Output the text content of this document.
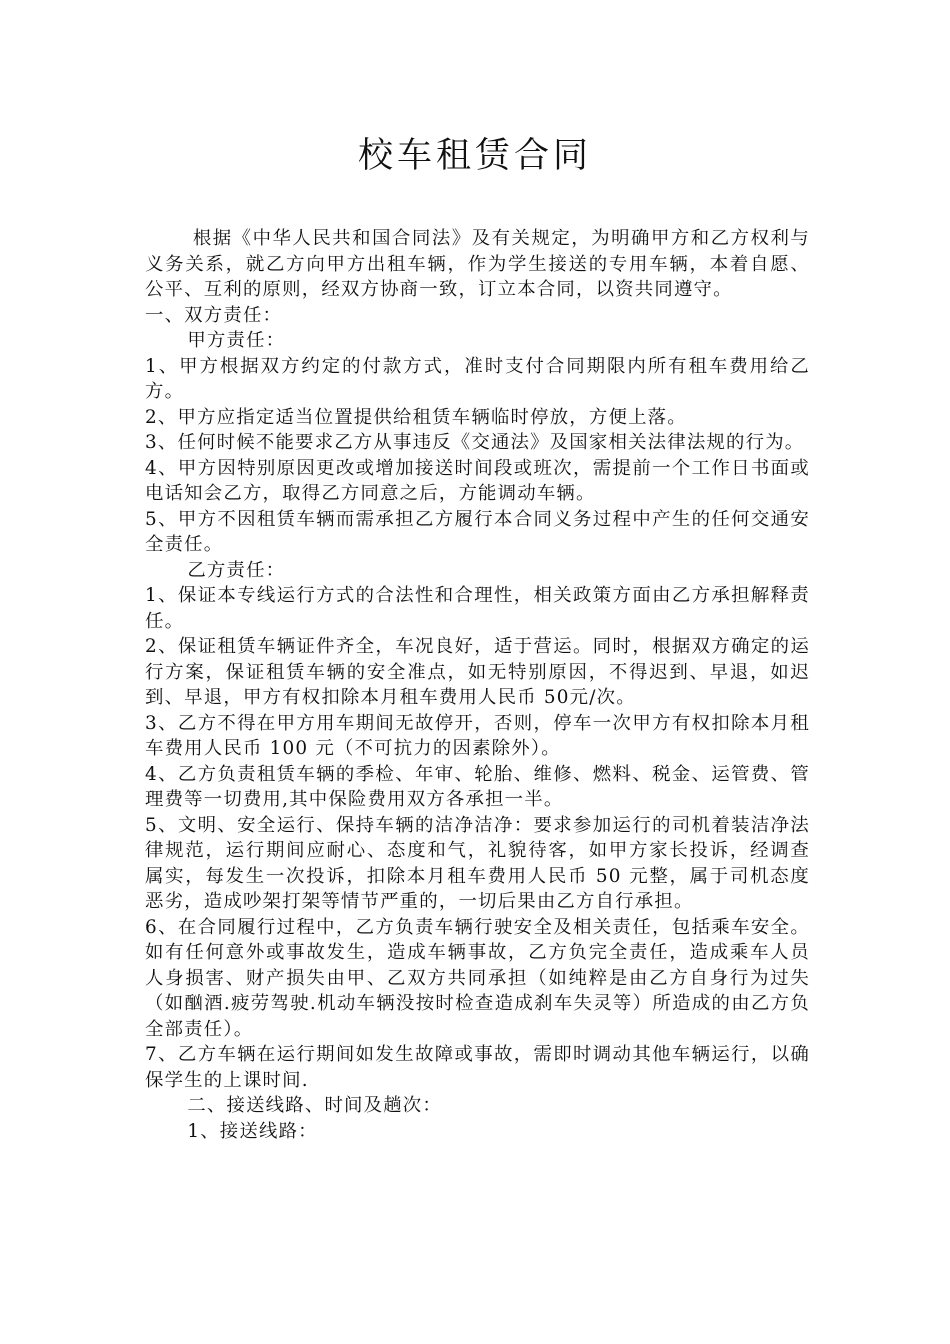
校车租赁合同

根据《中华人民共和国合同法》及有关规定，为明确甲方和乙方权利与义务关系，就乙方向甲方出租车辆，作为学生接送的专用车辆，本着自愿、公平、互利的原则，经双方协商一致，订立本合同，以资共同遵守。

一、双方责任：

甲方责任：

1、甲方根据双方约定的付款方式，准时支付合同期限内所有租车费用给乙方。

2、甲方应指定适当位置提供给租赁车辆临时停放，方便上落。

3、任何时候不能要求乙方从事违反《交通法》及国家相关法律法规的行为。

4、甲方因特别原因更改或增加接送时间段或班次，需提前一个工作日书面或电话知会乙方，取得乙方同意之后，方能调动车辆。

5、甲方不因租赁车辆而需承担乙方履行本合同义务过程中产生的任何交通安全责任。

乙方责任：

1、保证本专线运行方式的合法性和合理性，相关政策方面由乙方承担解释责任。

2、保证租赁车辆证件齐全，车况良好，适于营运。同时，根据双方确定的运行方案，保证租赁车辆的安全准点，如无特别原因，不得迟到、早退，如迟到、早退，甲方有权扣除本月租车费用人民币 50元/次。

3、乙方不得在甲方用车期间无故停开，否则，停车一次甲方有权扣除本月租车费用人民币 100 元（不可抗力的因素除外）。

4、乙方负责租赁车辆的季检、年审、轮胎、维修、燃料、税金、运管费、管理费等一切费用,其中保险费用双方各承担一半。

5、文明、安全运行、保持车辆的洁净洁净：要求参加运行的司机着装洁净法律规范，运行期间应耐心、态度和气，礼貌待客，如甲方家长投诉，经调查属实，每发生一次投诉，扣除本月租车费用人民币 50 元整，属于司机态度恶劣，造成吵架打架等情节严重的，一切后果由乙方自行承担。

6、在合同履行过程中，乙方负责车辆行驶安全及相关责任，包括乘车安全。如有任何意外或事故发生，造成车辆事故，乙方负完全责任，造成乘车人员人身损害、财产损失由甲、乙双方共同承担（如纯粹是由乙方自身行为过失（如酗酒.疲劳驾驶.机动车辆没按时检查造成刹车失灵等）所造成的由乙方负全部责任）。

7、乙方车辆在运行期间如发生故障或事故，需即时调动其他车辆运行，以确保学生的上课时间.

二、接送线路、时间及趟次：

1、接送线路：
